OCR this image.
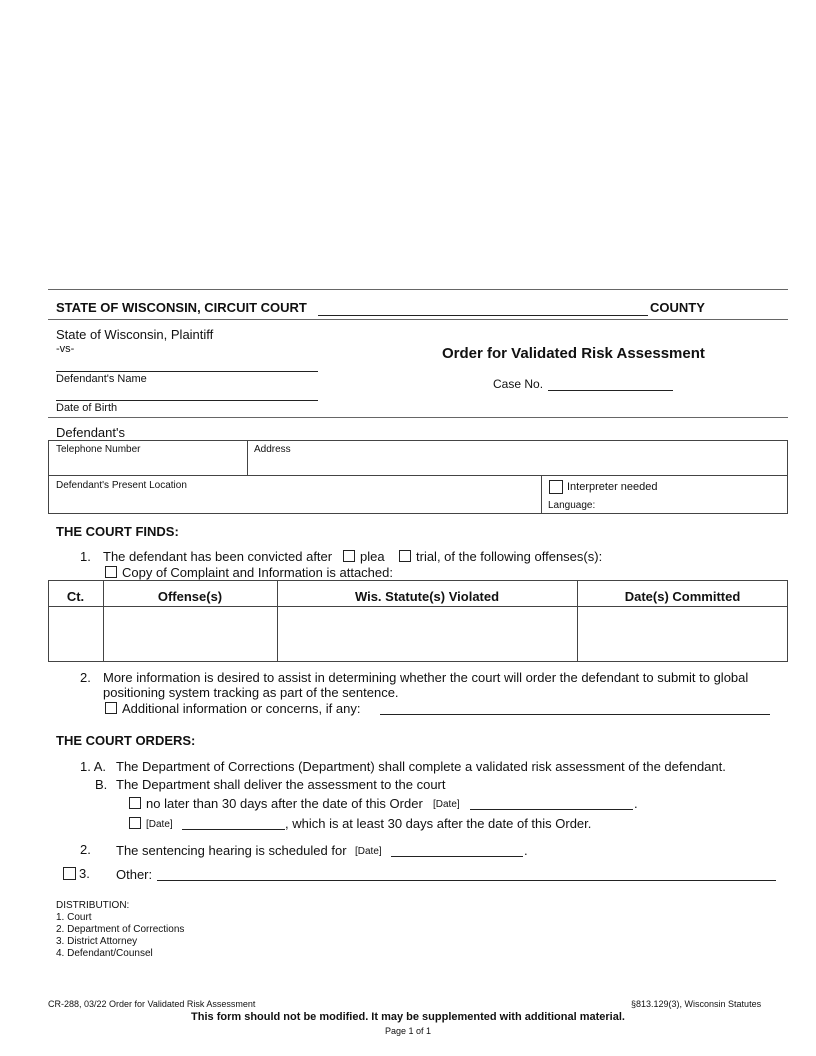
STATE OF WISCONSIN, CIRCUIT COURT	COUNTY
State of Wisconsin, Plaintiff
-vs-
Defendant's Name
Date of Birth
Order for Validated Risk Assessment
Case No.
Defendant's
Telephone Number	Address
Defendant's Present Location	Interpreter needed
Language:
THE COURT FINDS:
1. The defendant has been convicted after plea trial, of the following offenses(s):
Copy of Complaint and Information is attached:
Ct.	Offense(s)	Wis. Statute(s) Violated	Date(s) Committed
2. More information is desired to assist in determining whether the court will order the defendant to submit to global
positioning system tracking as part of the sentence.
Additional information or concerns, if any:
THE COURT ORDERS:
1. A. The Department of Corrections (Department) shall complete a validated risk assessment of the defendant.
B. The Department shall deliver the assessment to the court
no later than 30 days after the date of this Order [Date]	.
[Date]	, which is at least 30 days after the date of this Order.
2. The sentencing hearing is scheduled for [Date]	.
3. Other:
DISTRIBUTION:
1. Court
2. Department of Corrections
3. District Attorney
4. Defendant/Counsel
CR-288, 03/22 Order for Validated Risk Assessment	§813.129(3), Wisconsin Statutes
This form should not be modified. It may be supplemented with additional material.
Page 1 of 1
